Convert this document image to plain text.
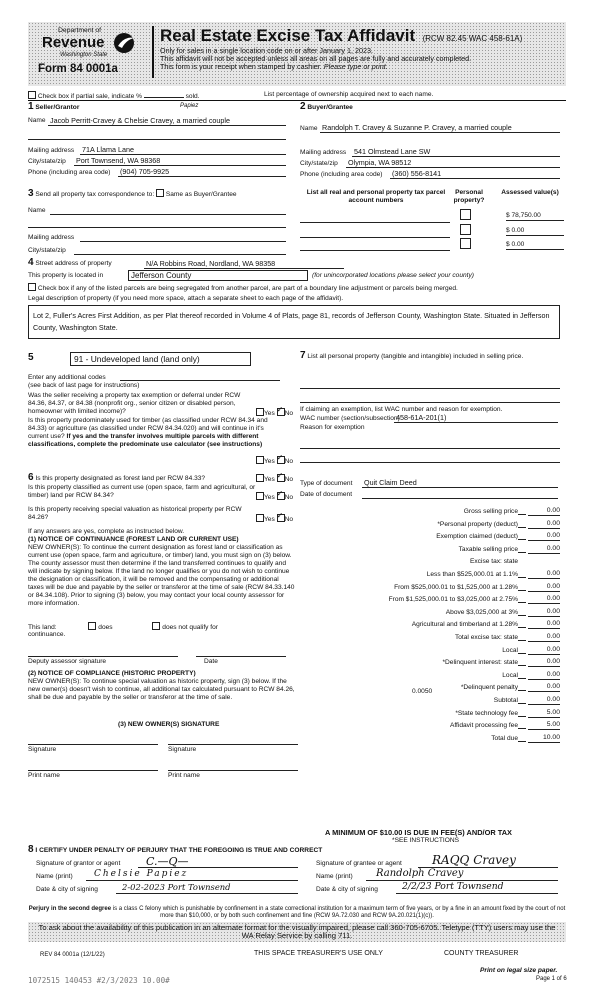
Department of
Revenue
Washington State
Form 84 0001a
Real Estate Excise Tax Affidavit (RCW 82.45 WAC 458-61A)
Only for sales in a single location code on or after January 1, 2023.
This affidavit will not be accepted unless all areas on all pages are fully and accurately completed.
This form is your receipt when stamped by cashier. Please type or print.
Check box if partial sale, indicate %	sold.	List percentage of ownership acquired next to each name.
1 Seller/Grantor	Papiez
Name Jacob Perritt-Cravey & Chelsie Cravey, a married couple
Mailing address 71A Llama Lane
City/state/zip Port Townsend, WA 98368
Phone (including area code) (904) 705-9925
2 Buyer/Grantee
Name Randolph T. Cravey & Suzanne P. Cravey, a married couple
Mailing address 541 Olmstead Lane SW
City/state/zip Olympia, WA 98512
Phone (including area code) (360) 556-8141
3 Send all property tax correspondence to: Same as Buyer/Grantee
Name
Mailing address
City/state/zip
List all real and personal property tax parcel account numbers
Personal property?
Assessed value(s)
$ 78,750.00
$ 0.00
$ 0.00
4 Street address of property	N/A Robbins Road, Nordland, WA 98358
This property is located in	Jefferson County	(for unincorporated locations please select your county)
Check box if any of the listed parcels are being segregated from another parcel, are part of a boundary line adjustment or parcels being merged.
Legal description of property (if you need more space, attach a separate sheet to each page of the affidavit).
Lot 2, Fuller's Acres First Addition, as per Plat thereof recorded in Volume 4 of Plats, page 81, records of Jefferson County, Washington State. Situated in Jefferson County, Washington State.
5	91 - Undeveloped land (land only)
Enter any additional codes
(see back of last page for instructions)
Was the seller receiving a property tax exemption or deferral under RCW 84.36, 84.37, or 84.38 (nonprofit org., senior citizen or disabled person, homeowner with limited income)?	Yes ✓ No
Is this property predominately used for timber (as classified under RCW 84.34 and 84.33) or agriculture (as classified under RCW 84.34.020) and will continue in it's current use? If yes and the transfer involves multiple parcels with different classifications, complete the predominate use calculator (see instructions)
Yes ✓ No
6 Is this property designated as forest land per RCW 84.33?	Yes ✓ No
Is this property classified as current use (open space, farm and agricultural, or timber) land per RCW 84.34?	Yes ✓ No
Is this property receiving special valuation as historical property per RCW 84.26?	Yes ✓ No
If any answers are yes, complete as instructed below.
(1) NOTICE OF CONTINUANCE (FOREST LAND OR CURRENT USE)
NEW OWNER(S): To continue the current designation as forest land or classification as current use (open space, farm and agriculture, or timber) land, you must sign on (3) below. The county assessor must then determine if the land transferred continues to qualify and will indicate by signing below. If the land no longer qualifies or you do not wish to continue the designation or classification, it will be removed and the compensating or additional taxes will be due and payable by the seller or transferor at the time of sale (RCW 84.33.140 or 84.34.108). Prior to signing (3) below, you may contact your local county assessor for more information.
This land:	does	does not qualify for
continuance.
Deputy assessor signature	Date
(2) NOTICE OF COMPLIANCE (HISTORIC PROPERTY)
NEW OWNER(S): To continue special valuation as historic property, sign (3) below. If the new owner(s) doesn't wish to continue, all additional tax calculated pursuant to RCW 84.26, shall be due and payable by the seller or transferor at the time of sale.
(3) NEW OWNER(S) SIGNATURE
Signature	Signature
Print name	Print name
7 List all personal property (tangible and intangible) included in selling price.
If claiming an exemption, list WAC number and reason for exemption.
WAC number (section/subsection)
458-61A-201(1)
Reason for exemption
Type of document Quit Claim Deed
Date of document
Gross selling price	0.00
*Personal property (deduct)	0.00
Exemption claimed (deduct)	0.00
Taxable selling price	0.00
Excise tax: state
Less than $525,000.01 at 1.1%	0.00
From $525,000.01 to $1,525,000 at 1.28%	0.00
From $1,525,000.01 to $3,025,000 at 2.75%	0.00
Above $3,025,000 at 3%	0.00
Agricultural and timberland at 1.28%	0.00
Total excise tax: state	0.00
Local	0.00
*Delinquent interest: state	0.00
Local	0.00
*Delinquent penalty	0.00
Subtotal	0.00
*State technology fee	5.00
Affidavit processing fee	5.00
Total due	10.00
0.0050
A MINIMUM OF $10.00 IS DUE IN FEE(S) AND/OR TAX
*SEE INSTRUCTIONS
8 I CERTIFY UNDER PENALTY OF PERJURY THAT THE FOREGOING IS TRUE AND CORRECT
Signature of grantor or agent C.—Q—
Name (print) Chelsie Papiez
Date & city of signing	2-02-2023 Port Townsend
Signature of grantee or agent	RAQQ Cravey
Name (print) Randolph Cravey
Date & city of signing	2/2/23 Port Townsend
Perjury in the second degree is a class C felony which is punishable by confinement in a state correctional institution for a maximum term of five years, or by a fine in an amount fixed by the court of not more than $10,000, or by both such confinement and fine (RCW 9A.72.030 and RCW 9A.20.021(1)(c)).
To ask about the availability of this publication in an alternate format for the visually impaired, please call 360-705-6705. Teletype (TTY) users may use the WA Relay Service by calling 711.
REV 84 0001a (12/1/22)	THIS SPACE TREASURER'S USE ONLY	COUNTY TREASURER
Print on legal size paper.
Page 1 of 6
1072515 140453 #2/3/2023 10.00#
